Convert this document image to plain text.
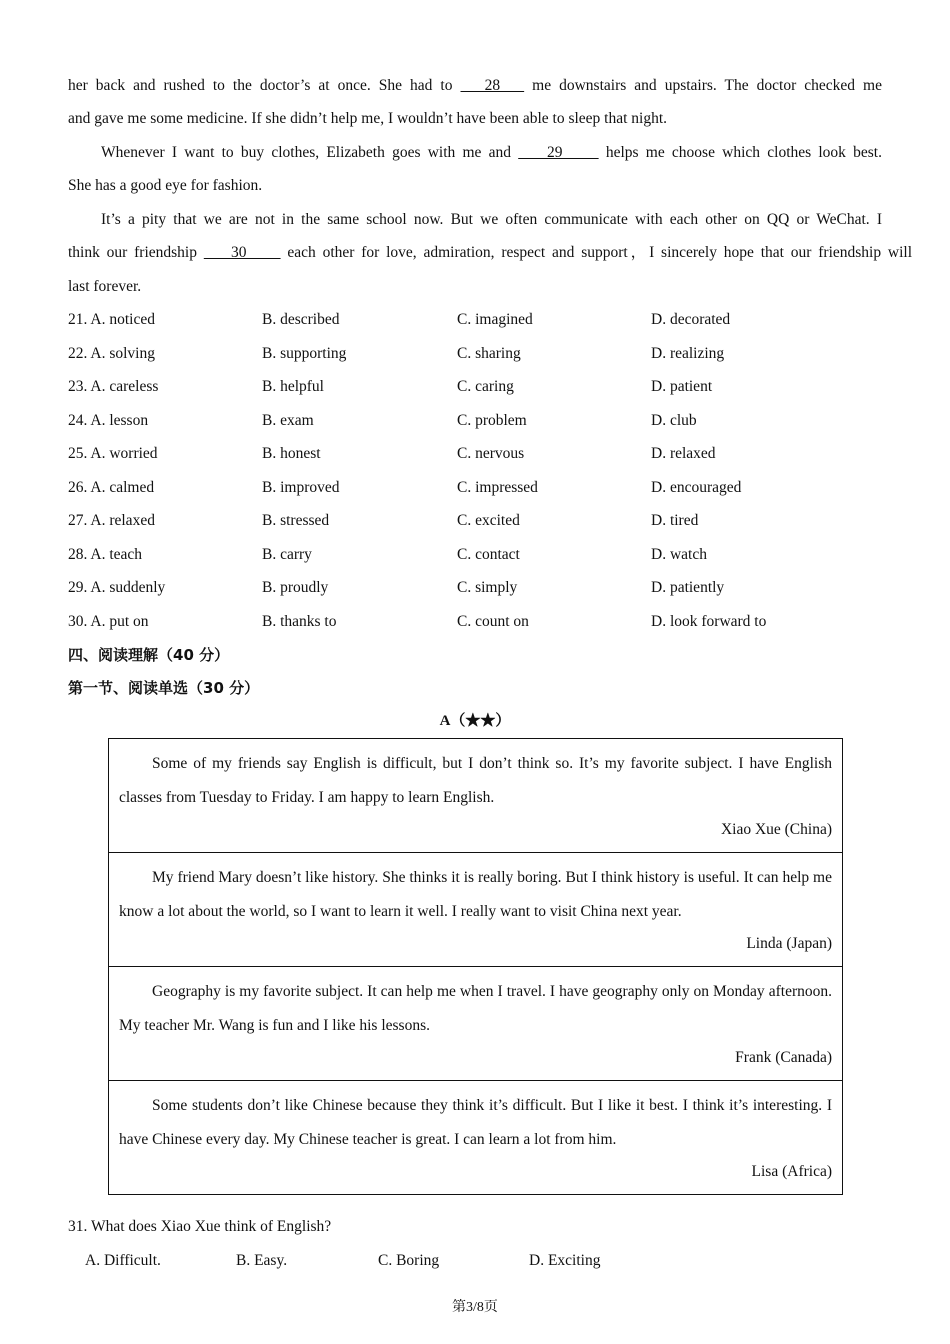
her back and rushed to the doctor’s at once. She had to    28    me downstairs and upstairs. The doctor checked me
and gave me some medicine. If she didn’t help me, I wouldn’t have been able to sleep that night.
Whenever I want to buy clothes, Elizabeth goes with me and     29      helps me choose which clothes look best.
She has a good eye for fashion.
It’s a pity that we are not in the same school now. But we often communicate with each other on QQ or WeChat. I
think our friendship     30      each other for love, admiration, respect and support，I sincerely hope that our friendship will
last forever.
21. A. noticed	B. described	C. imagined	D. decorated
22. A. solving	B. supporting	C. sharing	D. realizing
23. A. careless	B. helpful	C. caring	D. patient
24. A. lesson	B. exam	C. problem	D. club
25. A. worried	B. honest	C. nervous	D. relaxed
26. A. calmed	B. improved	C. impressed	D. encouraged
27. A. relaxed	B. stressed	C. excited	D. tired
28. A. teach	B. carry	C. contact	D. watch
29. A. suddenly	B. proudly	C. simply	D. patiently
30. A. put on	B. thanks to	C. count on	D. look forward to
四、阅读理解（40 分）
第一节、阅读单选（30 分）
A（★★）
Some of my friends say English is difficult, but I don’t think so. It’s my favorite subject. I have English classes from Tuesday to Friday. I am happy to learn English.
Xiao Xue (China)

My friend Mary doesn’t like history. She thinks it is really boring. But I think history is useful. It can help me know a lot about the world, so I want to learn it well. I really want to visit China next year.
Linda (Japan)

Geography is my favorite subject. It can help me when I travel. I have geography only on Monday afternoon. My teacher Mr. Wang is fun and I like his lessons.
Frank (Canada)

Some students don’t like Chinese because they think it’s difficult. But I like it best. I think it’s interesting. I have Chinese every day. My Chinese teacher is great. I can learn a lot from him.
Lisa (Africa)
31. What does Xiao Xue think of English?
A. Difficult.	B. Easy.	C. Boring	D. Exciting
第3/8页
